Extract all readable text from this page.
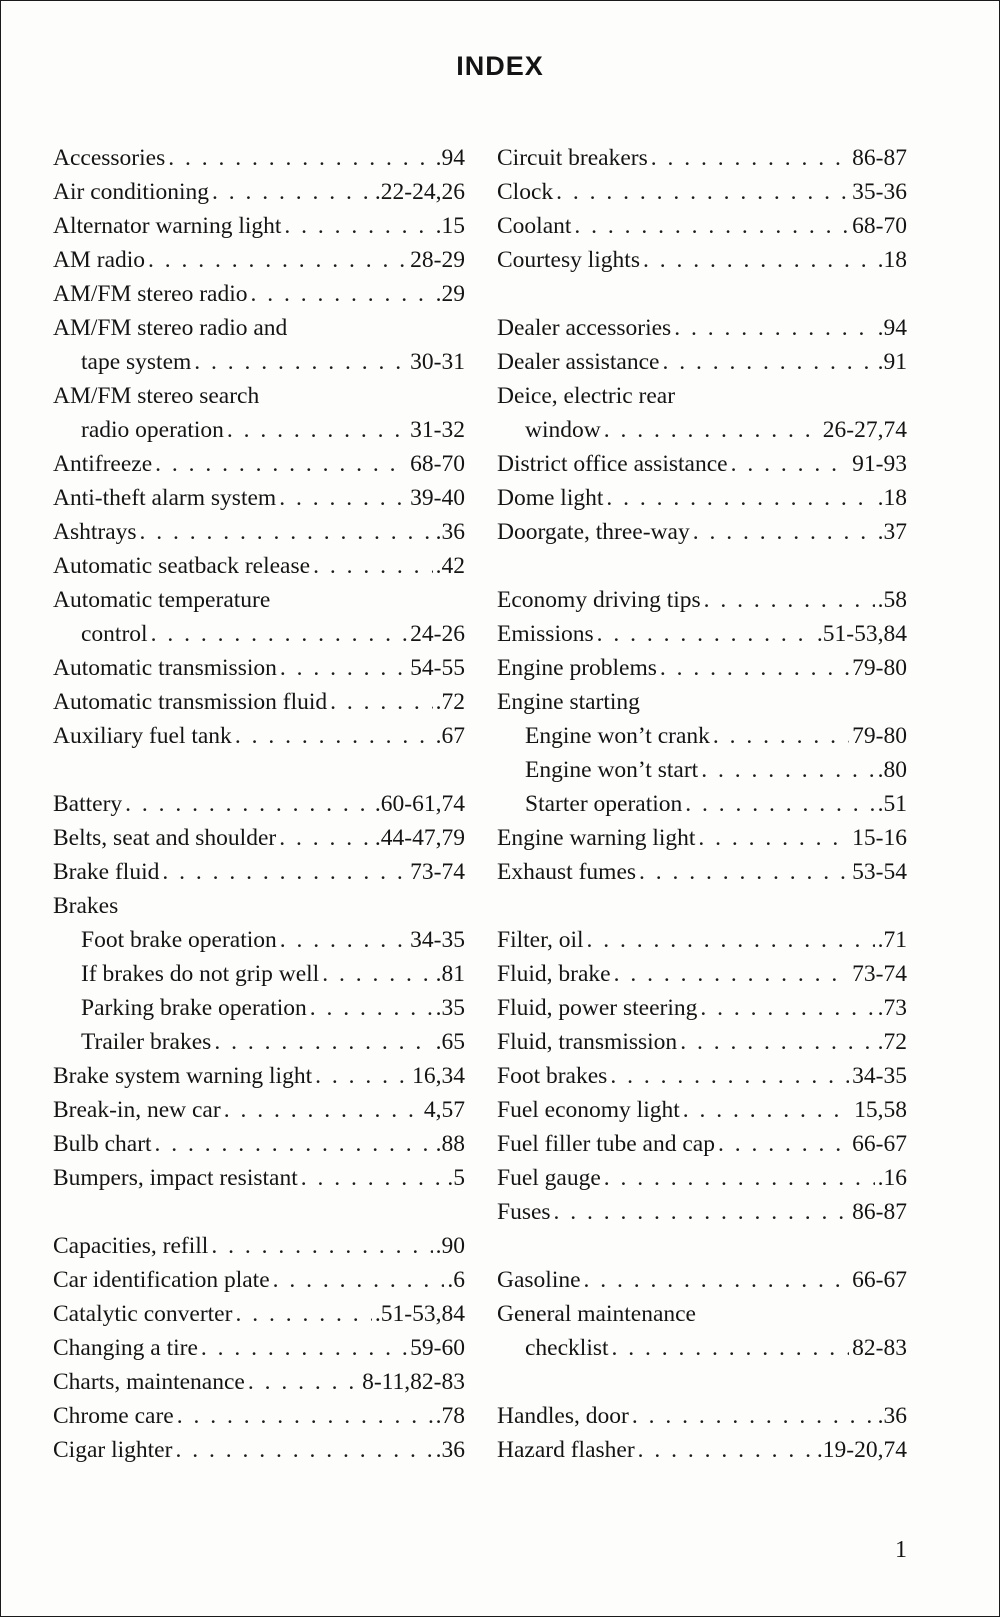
INDEX
Accessories . . .	.94
Air conditioning . . .	.22-24,26
Alternator warning light . . .	.15
AM radio . . .	28-29
AM/FM stereo radio . . .	.29
AM/FM stereo radio and
tape system . . .	30-31
AM/FM stereo search
radio operation . . .	31-32
Antifreeze . . .	68-70
Anti-theft alarm system . . .	39-40
Ashtrays . . .	.36
Automatic seatback release . . .	.42
Automatic temperature
control . . .	24-26
Automatic transmission . . .	54-55
Automatic transmission fluid . . .	.72
Auxiliary fuel tank . . .	.67
Battery . . .	.60-61,74
Belts, seat and shoulder . . .	.44-47,79
Brake fluid . . .	73-74
Brakes
Foot brake operation . . .	34-35
If brakes do not grip well . . .	.81
Parking brake operation . . .	.35
Trailer brakes . . .	.65
Brake system warning light . . .	16,34
Break-in, new car . . .	4,57
Bulb chart . . .	.88
Bumpers, impact resistant . . .	.5
Capacities, refill . . .	.90
Car identification plate . . .	.6
Catalytic converter . . .	.51-53,84
Changing a tire . . .	59-60
Charts, maintenance . . .	8-11,82-83
Chrome care . . .	.78
Cigar lighter . . .	.36
Circuit breakers . . .	86-87
Clock . . .	35-36
Coolant . . .	68-70
Courtesy lights . . .	.18
Dealer accessories . . .	.94
Dealer assistance . . .	.91
Deice, electric rear
window . . .	26-27,74
District office assistance . . .	91-93
Dome light . . .	.18
Doorgate, three-way . . .	.37
Economy driving tips . . .	.58
Emissions . . .	.51-53,84
Engine problems . . .	79-80
Engine starting
Engine won’t crank . . .	79-80
Engine won’t start . . .	.80
Starter operation . . .	.51
Engine warning light . . .	15-16
Exhaust fumes . . .	53-54
Filter, oil . . .	.71
Fluid, brake . . .	73-74
Fluid, power steering . . .	.73
Fluid, transmission . . .	.72
Foot brakes . . .	34-35
Fuel economy light . . .	15,58
Fuel filler tube and cap . . .	66-67
Fuel gauge . . .	.16
Fuses . . .	86-87
Gasoline . . .	66-67
General maintenance
checklist . . .	82-83
Handles, door . . .	.36
Hazard flasher . . .	.19-20,74
1
